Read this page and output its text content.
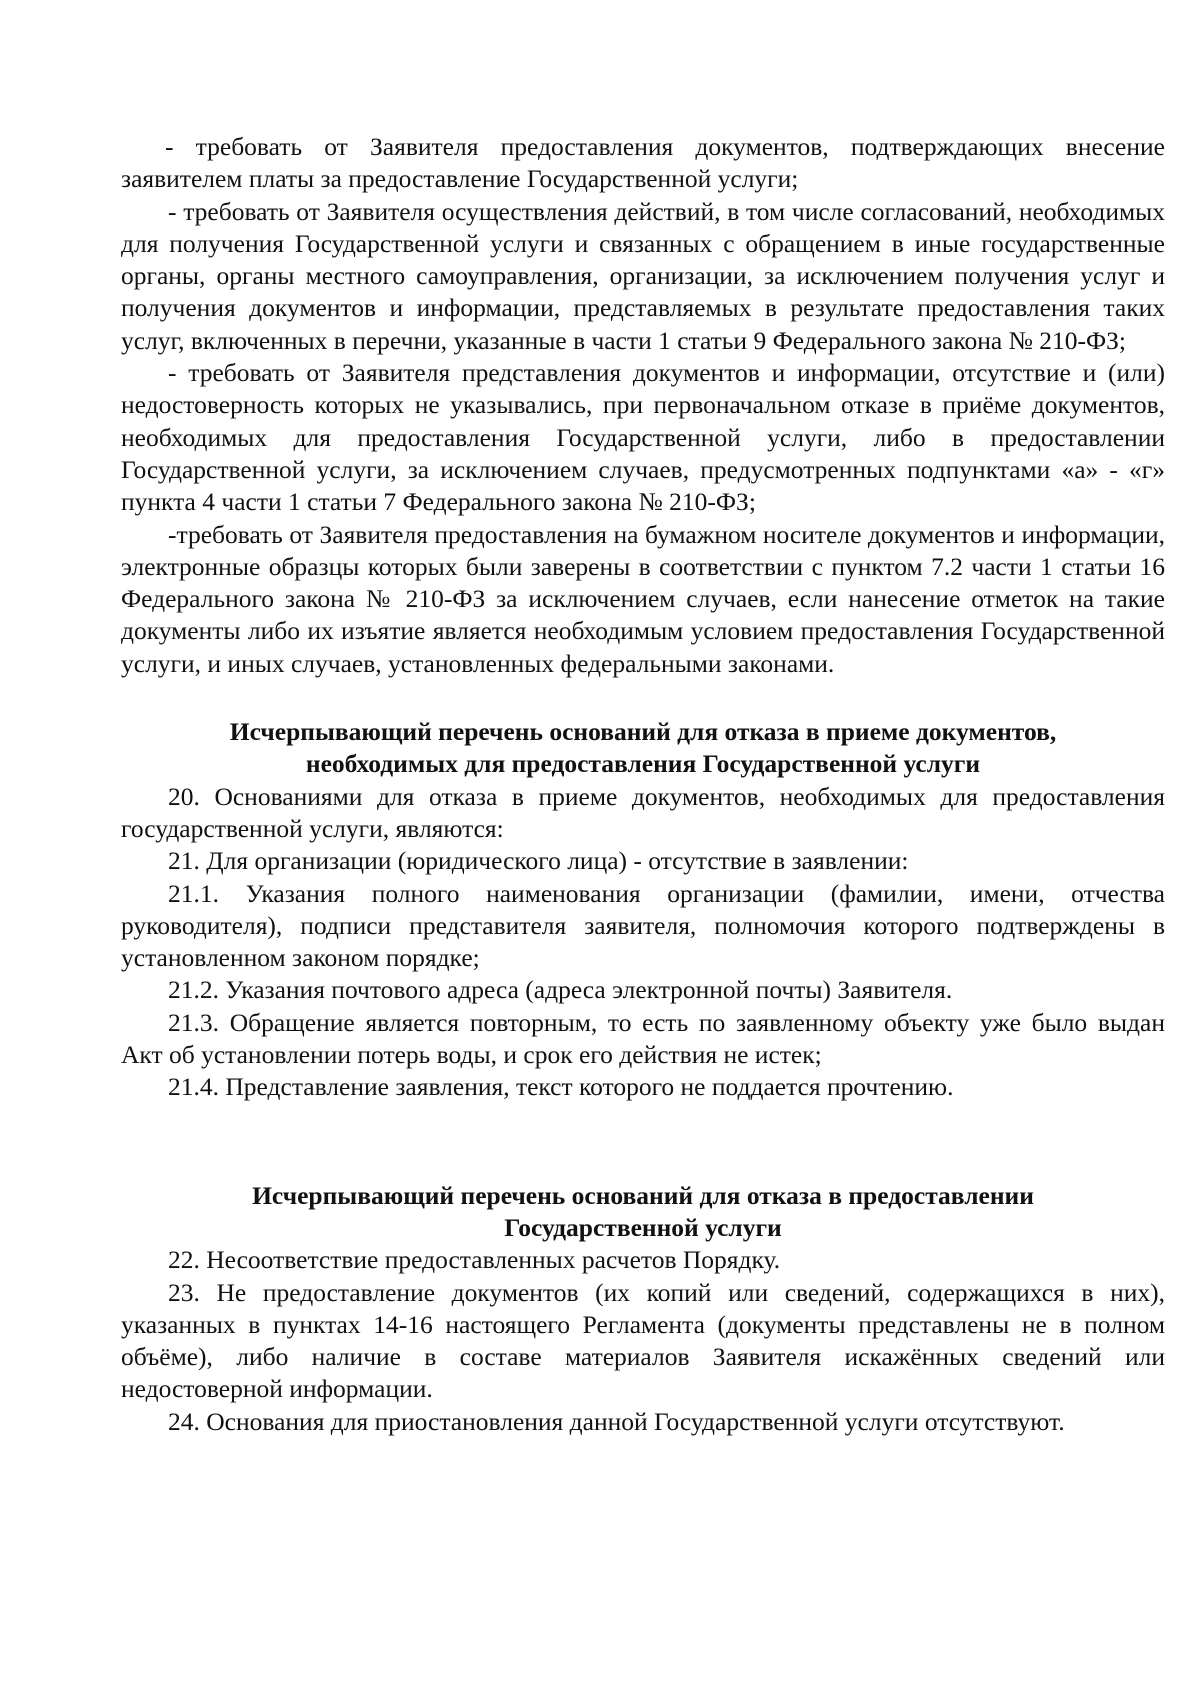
- требовать от Заявителя предоставления документов, подтверждающих внесение заявителем платы за предоставление Государственной услуги;

- требовать от Заявителя осуществления действий, в том числе согласований, необходимых для получения Государственной услуги и связанных с обращением в иные государственные органы, органы местного самоуправления, организации, за исключением получения услуг и получения документов и информации, представляемых в результате предоставления таких услуг, включенных в перечни, указанные в части 1 статьи 9 Федерального закона № 210-ФЗ;

- требовать от Заявителя представления документов и информации, отсутствие и (или) недостоверность которых не указывались, при первоначальном отказе в приёме документов, необходимых для предоставления Государственной услуги, либо в предоставлении Государственной услуги, за исключением случаев, предусмотренных подпунктами «а» - «г» пункта 4 части 1 статьи 7 Федерального закона № 210-ФЗ;

-требовать от Заявителя предоставления на бумажном носителе документов и информации, электронные образцы которых были заверены в соответствии с пунктом 7.2 части 1 статьи 16 Федерального закона № 210-ФЗ за исключением случаев, если нанесение отметок на такие документы либо их изъятие является необходимым условием предоставления Государственной услуги, и иных случаев, установленных федеральными законами.

Исчерпывающий перечень оснований для отказа в приеме документов,

необходимых для предоставления Государственной услуги

20. Основаниями для отказа в приеме документов, необходимых для предоставления государственной услуги, являются:

21. Для организации (юридического лица) - отсутствие в заявлении:

21.1. Указания полного наименования организации (фамилии, имени, отчества руководителя), подписи представителя заявителя, полномочия которого подтверждены в установленном законом порядке;

21.2. Указания почтового адреса (адреса электронной почты) Заявителя.

21.3. Обращение является повторным, то есть по заявленному объекту уже было выдан Акт об установлении потерь воды, и срок его действия не истек;

21.4. Представление заявления, текст которого не поддается прочтению.

Исчерпывающий перечень оснований для отказа в предоставлении

Государственной услуги

22. Несоответствие предоставленных расчетов Порядку.

23. Не предоставление документов (их копий или сведений, содержащихся в них), указанных в пунктах 14-16 настоящего Регламента (документы представлены не в полном объёме), либо наличие в составе материалов Заявителя искажённых сведений или недостоверной информации.

24. Основания для приостановления данной Государственной услуги отсутствуют.
